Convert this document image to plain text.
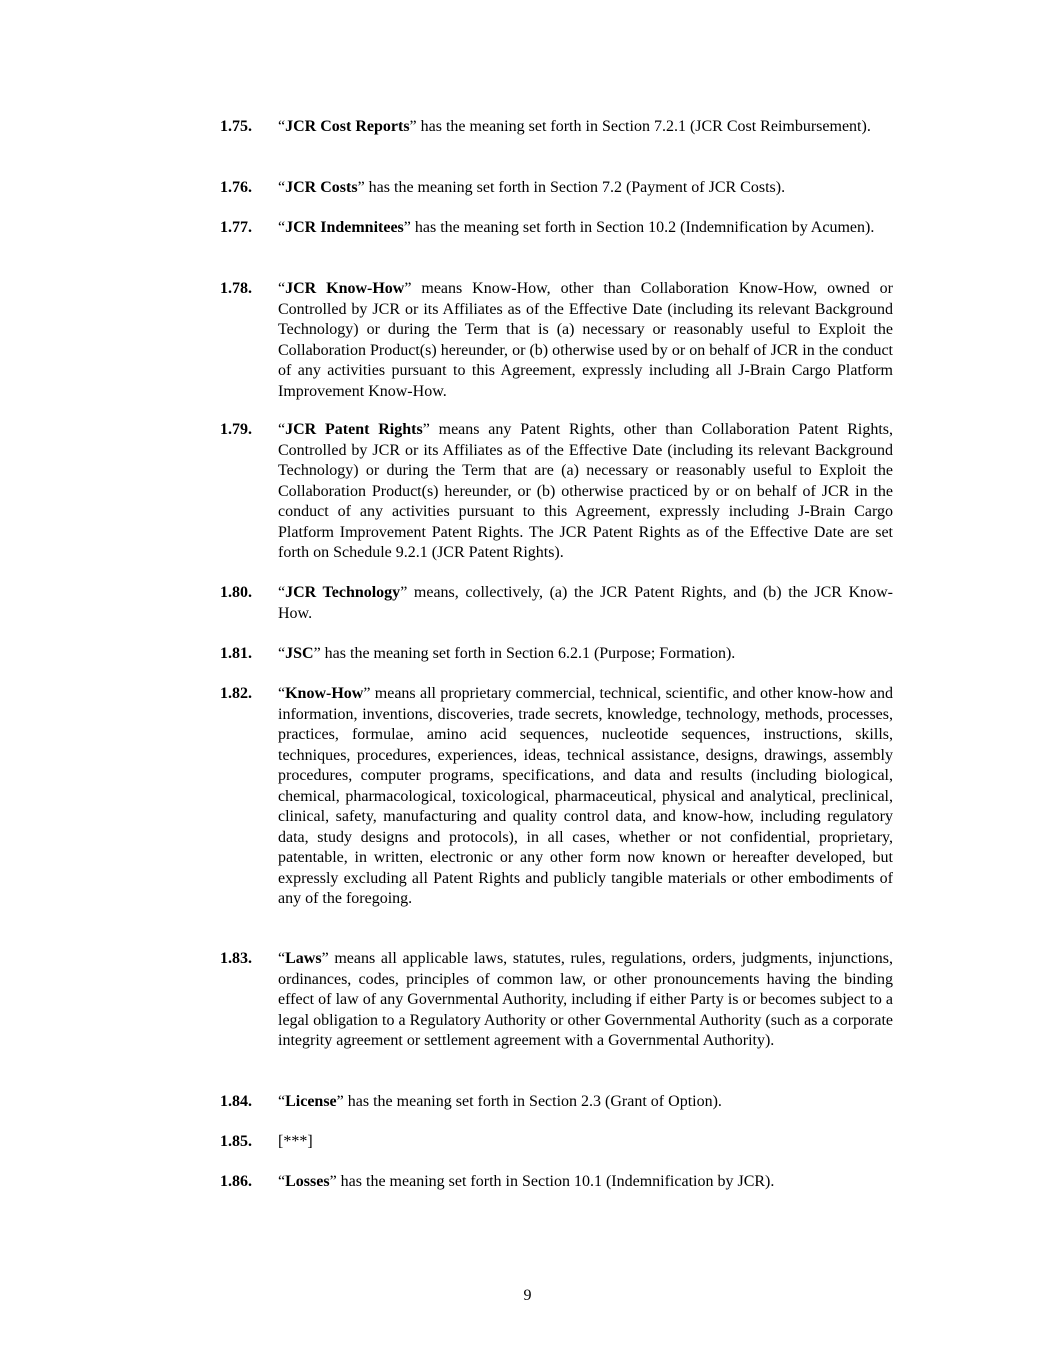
1.75. “JCR Cost Reports” has the meaning set forth in Section 7.2.1 (JCR Cost Reimbursement).
1.76. “JCR Costs” has the meaning set forth in Section 7.2 (Payment of JCR Costs).
1.77. “JCR Indemnitees” has the meaning set forth in Section 10.2 (Indemnification by Acumen).
1.78. “JCR Know-How” means Know-How, other than Collaboration Know-How, owned or Controlled by JCR or its Affiliates as of the Effective Date (including its relevant Background Technology) or during the Term that is (a) necessary or reasonably useful to Exploit the Collaboration Product(s) hereunder, or (b) otherwise used by or on behalf of JCR in the conduct of any activities pursuant to this Agreement, expressly including all J-Brain Cargo Platform Improvement Know-How.
1.79. “JCR Patent Rights” means any Patent Rights, other than Collaboration Patent Rights, Controlled by JCR or its Affiliates as of the Effective Date (including its relevant Background Technology) or during the Term that are (a) necessary or reasonably useful to Exploit the Collaboration Product(s) hereunder, or (b) otherwise practiced by or on behalf of JCR in the conduct of any activities pursuant to this Agreement, expressly including J-Brain Cargo Platform Improvement Patent Rights. The JCR Patent Rights as of the Effective Date are set forth on Schedule 9.2.1 (JCR Patent Rights).
1.80. “JCR Technology” means, collectively, (a) the JCR Patent Rights, and (b) the JCR Know-How.
1.81. “JSC” has the meaning set forth in Section 6.2.1 (Purpose; Formation).
1.82. “Know-How” means all proprietary commercial, technical, scientific, and other know-how and information, inventions, discoveries, trade secrets, knowledge, technology, methods, processes, practices, formulae, amino acid sequences, nucleotide sequences, instructions, skills, techniques, procedures, experiences, ideas, technical assistance, designs, drawings, assembly procedures, computer programs, specifications, and data and results (including biological, chemical, pharmacological, toxicological, pharmaceutical, physical and analytical, preclinical, clinical, safety, manufacturing and quality control data, and know-how, including regulatory data, study designs and protocols), in all cases, whether or not confidential, proprietary, patentable, in written, electronic or any other form now known or hereafter developed, but expressly excluding all Patent Rights and publicly tangible materials or other embodiments of any of the foregoing.
1.83. “Laws” means all applicable laws, statutes, rules, regulations, orders, judgments, injunctions, ordinances, codes, principles of common law, or other pronouncements having the binding effect of law of any Governmental Authority, including if either Party is or becomes subject to a legal obligation to a Regulatory Authority or other Governmental Authority (such as a corporate integrity agreement or settlement agreement with a Governmental Authority).
1.84. “License” has the meaning set forth in Section 2.3 (Grant of Option).
1.85. [***]
1.86. “Losses” has the meaning set forth in Section 10.1 (Indemnification by JCR).
9
